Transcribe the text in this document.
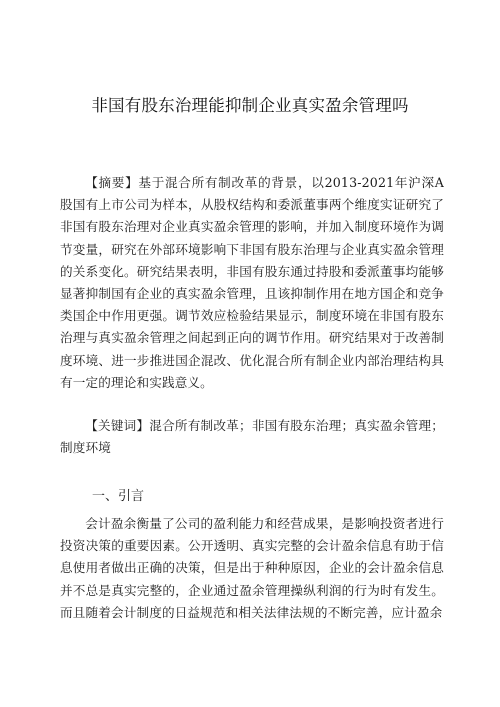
非国有股东治理能抑制企业真实盈余管理吗
【摘要】基于混合所有制改革的背景，以2013-2021年沪深A股国有上市公司为样本，从股权结构和委派董事两个维度实证研究了非国有股东治理对企业真实盈余管理的影响，并加入制度环境作为调节变量，研究在外部环境影响下非国有股东治理与企业真实盈余管理的关系变化。研究结果表明，非国有股东通过持股和委派董事均能够显著抑制国有企业的真实盈余管理，且该抑制作用在地方国企和竞争类国企中作用更强。调节效应检验结果显示，制度环境在非国有股东治理与真实盈余管理之间起到正向的调节作用。研究结果对于改善制度环境、进一步推进国企混改、优化混合所有制企业内部治理结构具有一定的理论和实践意义。
【关键词】混合所有制改革；非国有股东治理；真实盈余管理；制度环境
一、引言
会计盈余衡量了公司的盈利能力和经营成果，是影响投资者进行投资决策的重要因素。公开透明、真实完整的会计盈余信息有助于信息使用者做出正确的决策，但是出于种种原因，企业的会计盈余信息并不总是真实完整的，企业通过盈余管理操纵利润的行为时有发生。而且随着会计制度的日益规范和相关法律法规的不断完善，应计盈余
